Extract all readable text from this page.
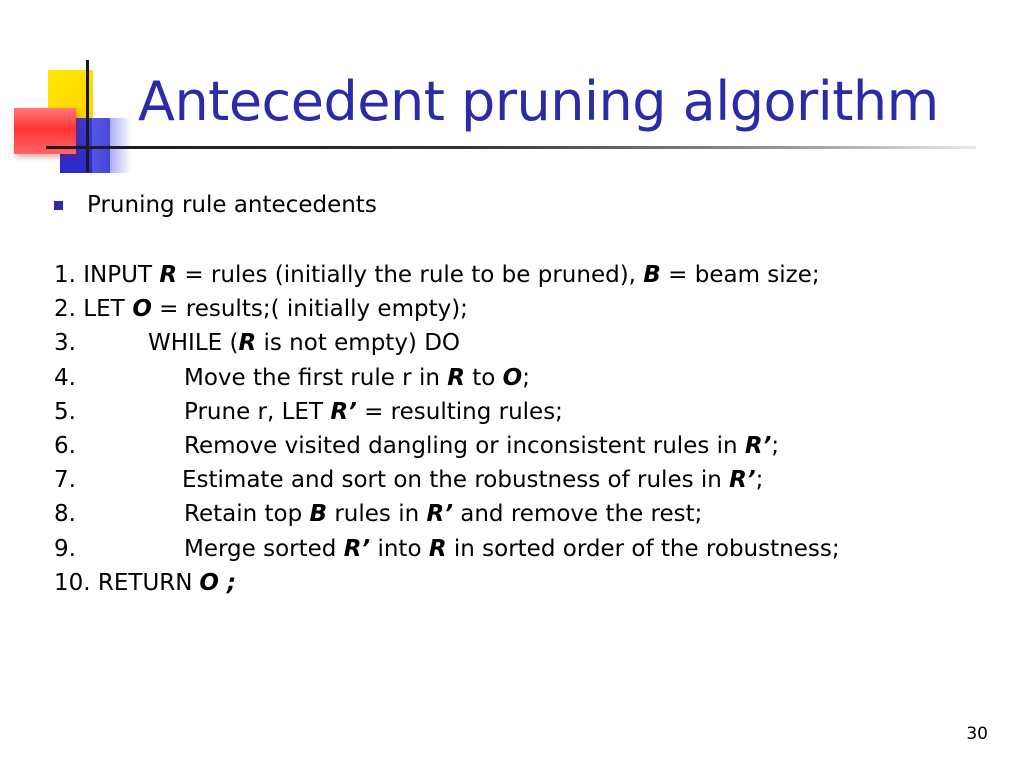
Antecedent pruning algorithm
Pruning rule antecedents
1. INPUT R = rules (initially the rule to be pruned), B = beam size;
2. LET O = results;( initially empty);
3.	WHILE (R is not empty) DO
4.	Move the first rule r in R to O;
5.	Prune r, LET R’ = resulting rules;
6.	Remove visited dangling or inconsistent rules in R’;
7.	Estimate and sort on the robustness of rules in R’;
8.	Retain top B rules in R’ and remove the rest;
9.	Merge sorted R’ into R in sorted order of the robustness;
10. RETURN O ;
30
